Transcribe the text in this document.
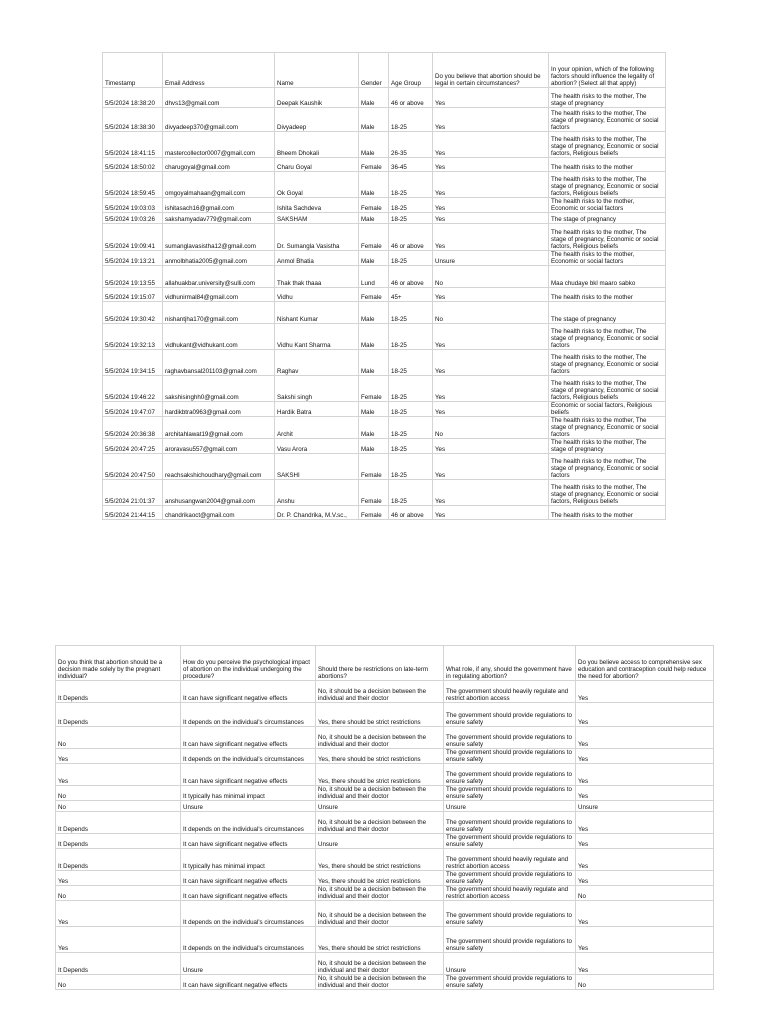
Timestamp	Email Address	Name	Gender	Age Group	Do you believe that abortion should be legal in certain circumstances?	In your opinion, which of the following factors should influence the legality of abortion? (Select all that apply)
5/5/2024 18:38:20	dhvs13@gmail.com	Deepak Kaushik	Male	46 or above	Yes	The health risks to the mother, The stage of pregnancy
5/5/2024 18:38:30	divyadeep370@gmail.com	Divyadeep	Male	18-25	Yes	The health risks to the mother, The stage of pregnancy, Economic or social factors
5/5/2024 18:41:15	mastercollector0007@gmail.com	Bheem Dhokali	Male	26-35	Yes	The health risks to the mother, The stage of pregnancy, Economic or social factors, Religious beliefs
5/5/2024 18:50:02	charugoyal@gmail.com	Charu Goyal	Female	36-45	Yes	The health risks to the mother
5/5/2024 18:59:45	omgoyalmahaan@gmail.com	Ok Goyal	Male	18-25	Yes	The health risks to the mother, The stage of pregnancy, Economic or social factors, Religious beliefs
5/5/2024 19:03:03	ishitasach16@gmail.com	Ishita Sachdeva	Female	18-25	Yes	The health risks to the mother, Economic or social factors
5/5/2024 19:03:26	sakshamyadav779@gmail.com	SAKSHAM	Male	18-25	Yes	The stage of pregnancy
5/5/2024 19:09:41	sumanglavasistha12@gmail.com	Dr. Sumangla Vasistha	Female	46 or above	Yes	The health risks to the mother, The stage of pregnancy, Economic or social factors, Religious beliefs
5/5/2024 19:13:21	anmolbhatia2005@gmail.com	Anmol Bhatia	Male	18-25	Unsure	The health risks to the mother, Economic or social factors
5/5/2024 19:13:55	allahuakbar.university@sulli.com	Thak thak thaaa	Lund	46 or above	No	Maa chudaye bkl maaro sabko
5/5/2024 19:15:07	vidhunirmal84@gmail.com	Vidhu	Female	45+	Yes	The health risks to the mother
5/5/2024 19:30:42	nishantjha170@gmail.com	Nishant Kumar	Male	18-25	No	The stage of pregnancy
5/5/2024 19:32:13	vidhukant@vidhukant.com	Vidhu Kant Sharma	Male	18-25	Yes	The health risks to the mother, The stage of pregnancy, Economic or social factors
5/5/2024 19:34:15	raghavbansal201103@gmail.com	Raghav	Male	18-25	Yes	The health risks to the mother, The stage of pregnancy, Economic or social factors
5/5/2024 19:46:22	sakshisinghh0@gmail.com	Sakshi singh	Female	18-25	Yes	The health risks to the mother, The stage of pregnancy, Economic or social factors, Religious beliefs
5/5/2024 19:47:07	hardikbtra0963@gmail.com	Hardik Batra	Male	18-25	Yes	Economic or social factors, Religious beliefs
5/5/2024 20:36:38	architahlawat19@gmail.com	Archit	Male	18-25	No	The health risks to the mother, The stage of pregnancy, Economic or social factors
5/5/2024 20:47:25	aroravasu557@gmail.com	Vasu Arora	Male	18-25	Yes	The health risks to the mother, The stage of pregnancy
5/5/2024 20:47:50	reachsakshichoudhary@gmail.com	SAKSHI	Female	18-25	Yes	The health risks to the mother, The stage of pregnancy, Economic or social factors
5/5/2024 21:01:37	anshusangwan2004@gmail.com	Anshu	Female	18-25	Yes	The health risks to the mother, The stage of pregnancy, Economic or social factors, Religious beliefs
5/5/2024 21:44:15	chandrikaoct@gmail.com	Dr. P. Chandrika, M.V.sc.,	Female	46 or above	Yes	The health risks to the mother
Do you think that abortion should be a decision made solely by the pregnant individual?	How do you perceive the psychological impact of abortion on the individual undergoing the procedure?	Should there be restrictions on late-term abortions?	What role, if any, should the government have in regulating abortion?	Do you believe access to comprehensive sex education and contraception could help reduce the need for abortion?
It Depends	It can have significant negative effects	No, it should be a decision between the individual and their doctor	The government should heavily regulate and restrict abortion access	Yes
It Depends	It depends on the individual's circumstances	Yes, there should be strict restrictions	The government should provide regulations to ensure safety	Yes
No	It can have significant negative effects	No, it should be a decision between the individual and their doctor	The government should provide regulations to ensure safety	Yes
Yes	It depends on the individual's circumstances	Yes, there should be strict restrictions	The government should provide regulations to ensure safety	Yes
Yes	It can have significant negative effects	Yes, there should be strict restrictions	The government should provide regulations to ensure safety	Yes
No	It typically has minimal impact	No, it should be a decision between the individual and their doctor	The government should provide regulations to ensure safety	Yes
No	Unsure	Unsure	Unsure	Unsure
It Depends	It depends on the individual's circumstances	No, it should be a decision between the individual and their doctor	The government should provide regulations to ensure safety	Yes
It Depends	It can have significant negative effects	Unsure	The government should provide regulations to ensure safety	Yes
It Depends	It typically has minimal impact	Yes, there should be strict restrictions	The government should heavily regulate and restrict abortion access	Yes
Yes	It can have significant negative effects	Yes, there should be strict restrictions	The government should provide regulations to ensure safety	Yes
No	It can have significant negative effects	No, it should be a decision between the individual and their doctor	The government should heavily regulate and restrict abortion access	No
Yes	It depends on the individual's circumstances	No, it should be a decision between the individual and their doctor	The government should provide regulations to ensure safety	Yes
Yes	It depends on the individual's circumstances	Yes, there should be strict restrictions	The government should provide regulations to ensure safety	Yes
It Depends	Unsure	No, it should be a decision between the individual and their doctor	Unsure	Yes
No	It can have significant negative effects	No, it should be a decision between the individual and their doctor	The government should provide regulations to ensure safety	No
